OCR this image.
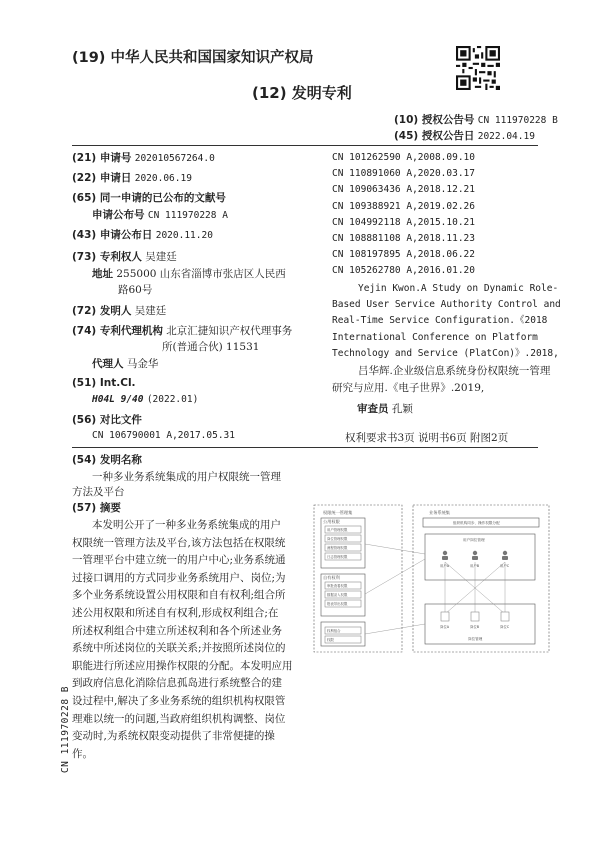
(19) 中华人民共和国国家知识产权局
(12) 发明专利
(10) 授权公告号 CN 111970228 B
(45) 授权公告日 2022.04.19
(21) 申请号 202010567264.0
(22) 申请日 2020.06.19
(65) 同一申请的已公布的文献号
申请公布号 CN 111970228 A
(43) 申请公布日 2020.11.20
(73) 专利权人 吴建廷
地址 255000 山东省淄博市张店区人民西
路60号
(72) 发明人 吴建廷
(74) 专利代理机构 北京汇捷知识产权代理事务
所(普通合伙) 11531
代理人 马金华
(51) Int.Cl.
H04L 9/40 (2022.01)
(56) 对比文件
CN 106790001 A,2017.05.31
CN 101262590 A,2008.09.10
CN 110891060 A,2020.03.17
CN 109063436 A,2018.12.21
CN 109388921 A,2019.02.26
CN 104992118 A,2015.10.21
CN 108881108 A,2018.11.23
CN 108197895 A,2018.06.22
CN 105262780 A,2016.01.20
Yejin Kwon.A Study on Dynamic Role-
Based User Service Authority Control and
Real-Time Service Configuration.《2018
International Conference on Platform
Technology and Service (PlatCon)》.2018,
吕华辉.企业级信息系统身份权限统一管理
研究与应用.《电子世界》.2019,
审查员 孔颖
权利要求书3页 说明书6页 附图2页
(54) 发明名称
一种多业务系统集成的用户权限统一管理
方法及平台
(57) 摘要
本发明公开了一种多业务系统集成的用户
权限统一管理方法及平台,该方法包括在权限统
一管理平台中建立统一的用户中心;业务系统通
过接口调用的方式同步业务系统用户、岗位;为
多个业务系统设置公用权限和自有权利;组合所
述公用权限和所述自有权利,形成权利组合;在
所述权利组合中建立所述权利和各个所述业务
系统中所述岗位的关联关系;并按照所述岗位的
职能进行所述应用操作权限的分配。本发明应用
到政府信息化消除信息孤岛进行系统整合的建
设过程中,解决了多业务系统的组织机构权限管
理难以统一的问题,当政府组织机构调整、岗位
变动时,为系统权限变动提供了非常便捷的操
作。
CN 111970228 B
权限统一管理集	业务系统集
公用权限
用户管理权限
岗位管理权限
流程管理权限
日志管理权限
自有权利
审批查看权限
数据录入权限
报表导出权限
权利组合
权限
组织机构同步、操作权限分配
用户岗位管理
用户A	用户B	用户C
岗位A	岗位B	岗位C
岗位管理
